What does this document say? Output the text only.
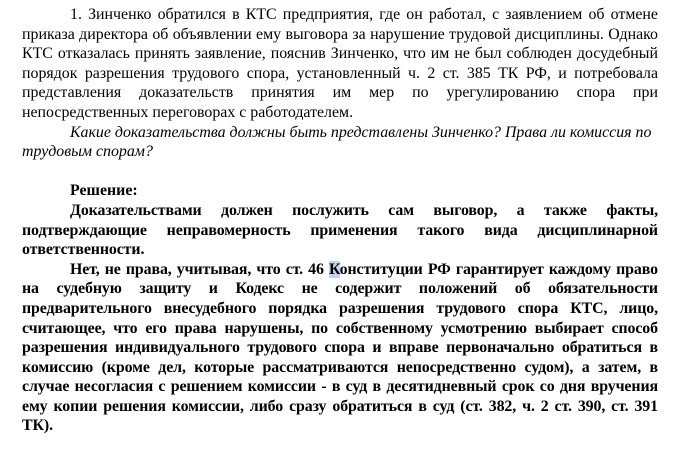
1. Зинченко обратился в КТС предприятия, где он работал, с заявлением об отмене приказа директора об объявлении ему выговора за нарушение трудовой дисциплины. Однако КТС отказалась принять заявление, пояснив Зинченко, что им не был соблюден досудебный порядок разрешения трудового спора, установленный ч. 2 ст. 385 ТК РФ, и потребовала представления доказательств принятия им мер по урегулированию спора при непосредственных переговорах с работодателем.

Какие доказательства должны быть представлены Зинченко? Права ли комиссия по трудовым спорам?

Решение:

Доказательствами должен послужить сам выговор, а также факты, подтверждающие неправомерность применения такого вида дисциплинарной ответственности.

Нет, не права, учитывая, что ст. 46 Конституции РФ гарантирует каждому право на судебную защиту и Кодекс не содержит положений об обязательности предварительного внесудебного порядка разрешения трудового спора КТС, лицо, считающее, что его права нарушены, по собственному усмотрению выбирает способ разрешения индивидуального трудового спора и вправе первоначально обратиться в комиссию (кроме дел, которые рассматриваются непосредственно судом), а затем, в случае несогласия с решением комиссии - в суд в десятидневный срок со дня вручения ему копии решения комиссии, либо сразу обратиться в суд (ст. 382, ч. 2 ст. 390, ст. 391 ТК).
